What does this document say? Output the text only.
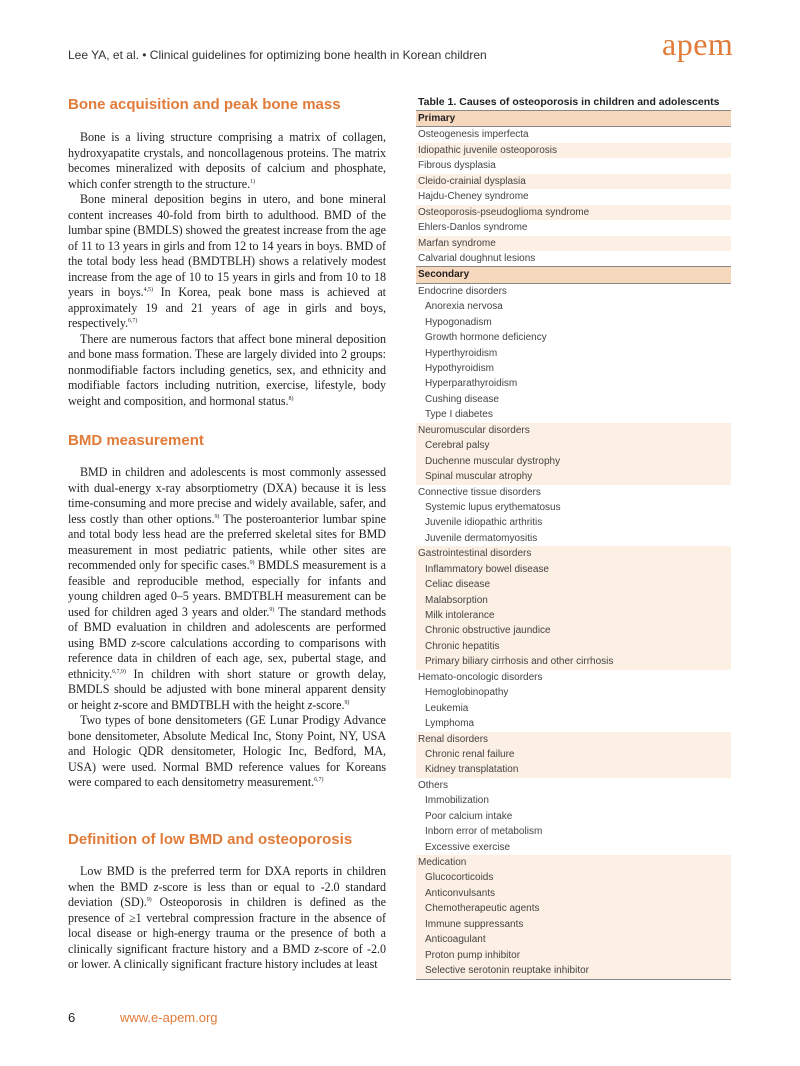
Lee YA, et al. • Clinical guidelines for optimizing bone health in Korean children	apem
Bone acquisition and peak bone mass

Bone is a living structure comprising a matrix of collagen, hydroxyapatite crystals, and noncollagenous proteins. The matrix becomes mineralized with deposits of calcium and phosphate, which confer strength to the structure.$^{1)}$

Bone mineral deposition begins in utero, and bone mineral content increases 40-fold from birth to adulthood. BMD of the lumbar spine (BMDLS) showed the greatest increase from the age of 11 to 13 years in girls and from 12 to 14 years in boys. BMD of the total body less head (BMDTBLH) shows a relatively modest increase from the age of 10 to 15 years in girls and from 10 to 18 years in boys.$^{4,5)}$ In Korea, peak bone mass is achieved at approximately 19 and 21 years of age in girls and boys, respectively.$^{6,7)}$

There are numerous factors that affect bone mineral deposition and bone mass formation. These are largely divided into 2 groups: nonmodifiable factors including genetics, sex, and ethnicity and modifiable factors including nutrition, exercise, lifestyle, body weight and composition, and hormonal status.$^{8)}$

BMD measurement

BMD in children and adolescents is most commonly assessed with dual-energy x-ray absorptiometry (DXA) because it is less time-consuming and more precise and widely available, safer, and less costly than other options.$^{9)}$ The posteroanterior lumbar spine and total body less head are the preferred skeletal sites for BMD measurement in most pediatric patients, while other sites are recommended only for specific cases.$^{9)}$ BMDLS measurement is a feasible and reproducible method, especially for infants and young children aged 0–5 years. BMDTBLH measurement can be used for children aged 3 years and older.$^{9)}$ The standard methods of BMD evaluation in children and adolescents are performed using BMD z-score calculations according to comparisons with reference data in children of each age, sex, pubertal stage, and ethnicity.$^{6,7,9)}$ In children with short stature or growth delay, BMDLS should be adjusted with bone mineral apparent density or height z-score and BMDTBLH with the height z-score.$^{9)}$

Two types of bone densitometers (GE Lunar Prodigy Advance bone densitometer, Absolute Medical Inc, Stony Point, NY, USA and Hologic QDR densitometer, Hologic Inc, Bedford, MA, USA) were used. Normal BMD reference values for Koreans were compared to each densitometry measurement.$^{6,7)}$

Definition of low BMD and osteoporosis

Low BMD is the preferred term for DXA reports in children when the BMD z-score is less than or equal to -2.0 standard deviation (SD).$^{9)}$ Osteoporosis in children is defined as the presence of ≥1 vertebral compression fracture in the absence of local disease or high-energy trauma or the presence of both a clinically significant fracture history and a BMD z-score of -2.0 or lower. A clinically significant fracture history includes at least

Table 1. Causes of osteoporosis in children and adolescents
Primary
Osteogenesis imperfecta
Idiopathic juvenile osteoporosis
Fibrous dysplasia
Cleido-crainial dysplasia
Hajdu-Cheney syndrome
Osteoporosis-pseudoglioma syndrome
Ehlers-Danlos syndrome
Marfan syndrome
Calvarial doughnut lesions
Secondary
Endocrine disorders
Anorexia nervosa
Hypogonadism
Growth hormone deficiency
Hyperthyroidism
Hypothyroidism
Hyperparathyroidism
Cushing disease
Type I diabetes
Neuromuscular disorders
Cerebral palsy
Duchenne muscular dystrophy
Spinal muscular atrophy
Connective tissue disorders
Systemic lupus erythematosus
Juvenile idiopathic arthritis
Juvenile dermatomyositis
Gastrointestinal disorders
Inflammatory bowel disease
Celiac disease
Malabsorption
Milk intolerance
Chronic obstructive jaundice
Chronic hepatitis
Primary biliary cirrhosis and other cirrhosis
Hemato-oncologic disorders
Hemoglobinopathy
Leukemia
Lymphoma
Renal disorders
Chronic renal failure
Kidney transplatation
Others
Immobilization
Poor calcium intake
Inborn error of metabolism
Excessive exercise
Medication
Glucocorticoids
Anticonvulsants
Chemotherapeutic agents
Immune suppressants
Anticoagulant
Proton pump inhibitor
Selective serotonin reuptake inhibitor
6	www.e-apem.org
